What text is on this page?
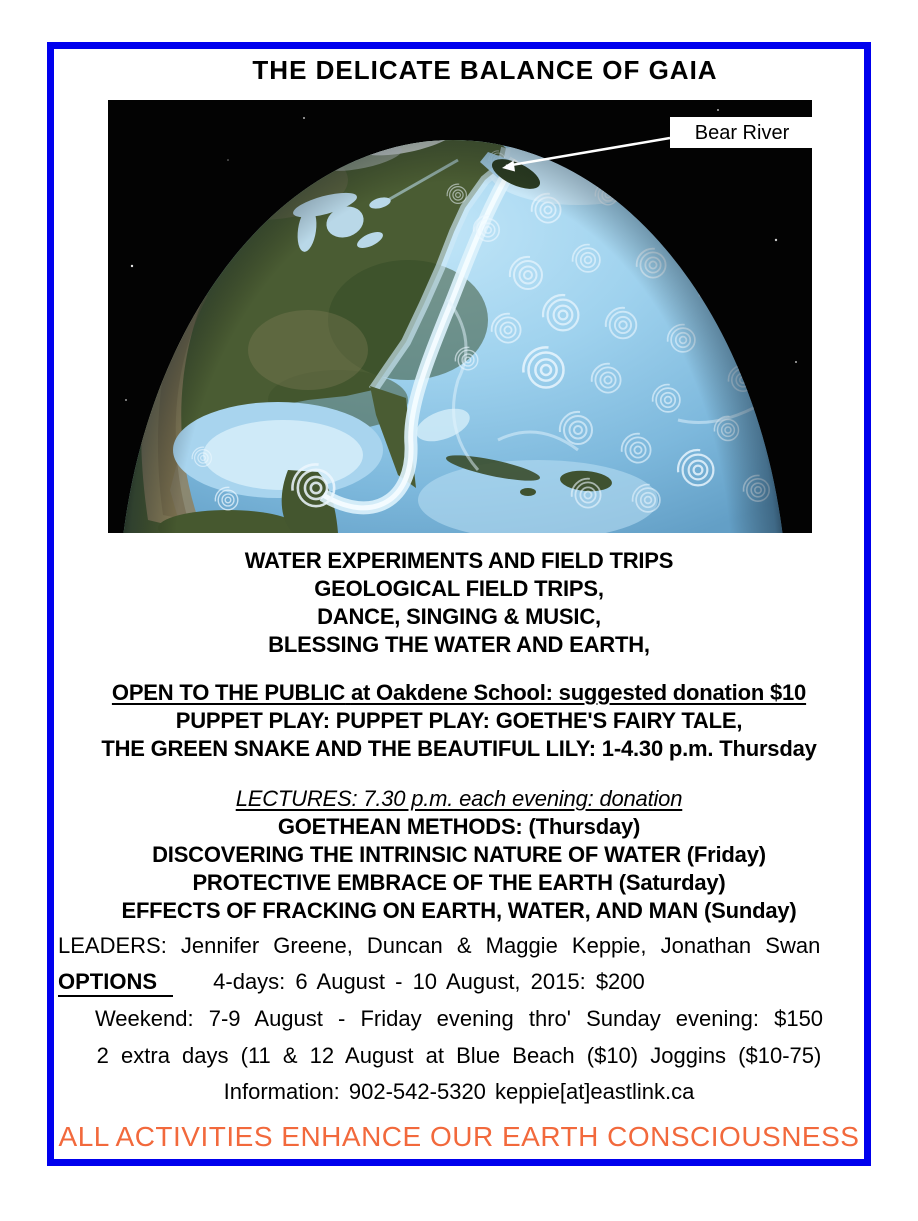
THE DELICATE BALANCE OF GAIA
Bear River
WATER EXPERIMENTS AND FIELD TRIPS
GEOLOGICAL FIELD TRIPS,
DANCE, SINGING & MUSIC,
BLESSING THE WATER AND EARTH,
OPEN TO THE PUBLIC at Oakdene School: suggested donation $10
PUPPET PLAY: PUPPET PLAY: GOETHE'S FAIRY TALE,
THE GREEN SNAKE AND THE BEAUTIFUL LILY: 1-4.30 p.m. Thursday
LECTURES: 7.30 p.m. each evening: donation
GOETHEAN METHODS: (Thursday)
DISCOVERING THE INTRINSIC NATURE OF WATER (Friday)
PROTECTIVE EMBRACE OF THE EARTH (Saturday)
EFFECTS OF FRACKING ON EARTH, WATER, AND MAN (Sunday)
LEADERS: Jennifer Greene, Duncan & Maggie Keppie, Jonathan Swan
OPTIONS	4-days: 6 August - 10 August, 2015: $200
Weekend: 7-9 August - Friday evening thro' Sunday evening: $150
2 extra days (11 & 12 August at Blue Beach ($10) Joggins ($10-75)
Information: 902-542-5320 keppie[at]eastlink.ca
ALL ACTIVITIES ENHANCE OUR EARTH CONSCIOUSNESS
